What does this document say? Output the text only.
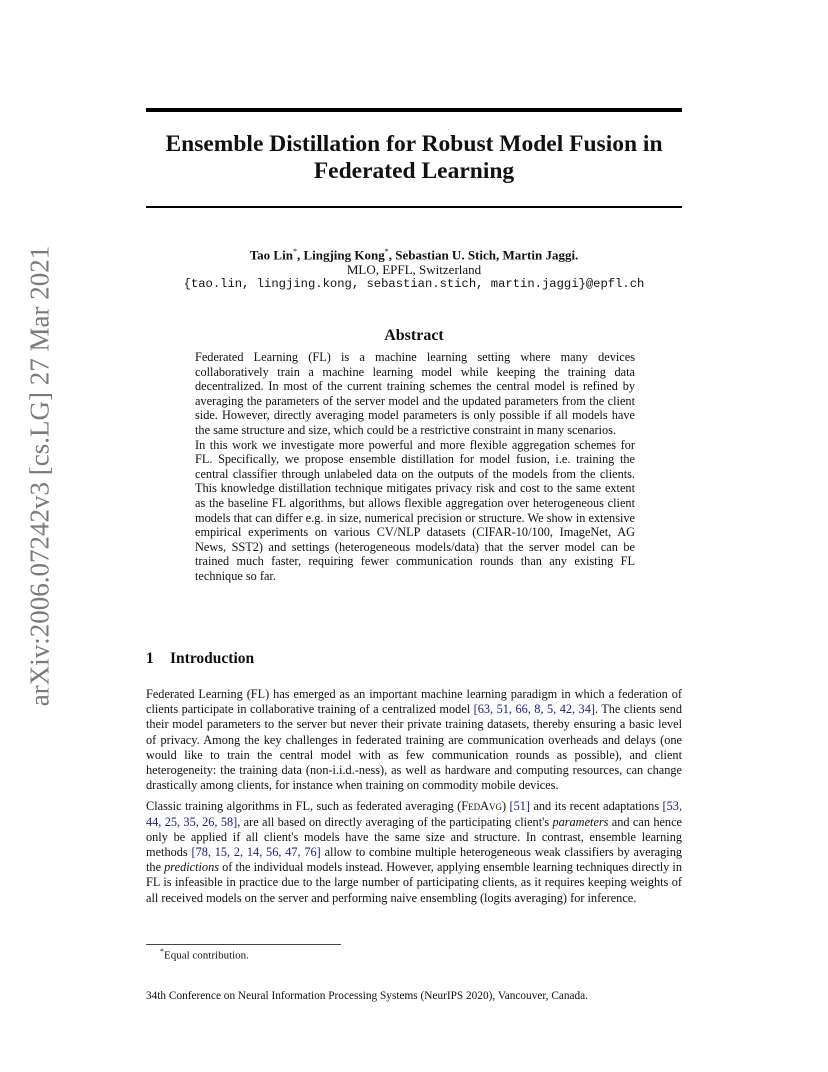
arXiv:2006.07242v3 [cs.LG] 27 Mar 2021
Ensemble Distillation for Robust Model Fusion in
Federated Learning
Tao Lin*, Lingjing Kong*, Sebastian U. Stich, Martin Jaggi.
MLO, EPFL, Switzerland
{tao.lin, lingjing.kong, sebastian.stich, martin.jaggi}@epfl.ch
Abstract

Federated Learning (FL) is a machine learning setting where many devices collaboratively train a machine learning model while keeping the training data decentralized. In most of the current training schemes the central model is refined by averaging the parameters of the server model and the updated parameters from the client side. However, directly averaging model parameters is only possible if all models have the same structure and size, which could be a restrictive constraint in many scenarios.

In this work we investigate more powerful and more flexible aggregation schemes for FL. Specifically, we propose ensemble distillation for model fusion, i.e. training the central classifier through unlabeled data on the outputs of the models from the clients. This knowledge distillation technique mitigates privacy risk and cost to the same extent as the baseline FL algorithms, but allows flexible aggregation over heterogeneous client models that can differ e.g. in size, numerical precision or structure. We show in extensive empirical experiments on various CV/NLP datasets (CIFAR-10/100, ImageNet, AG News, SST2) and settings (heterogeneous models/data) that the server model can be trained much faster, requiring fewer communication rounds than any existing FL technique so far.

1 Introduction

Federated Learning (FL) has emerged as an important machine learning paradigm in which a federation of clients participate in collaborative training of a centralized model [63, 51, 66, 8, 5, 42, 34]. The clients send their model parameters to the server but never their private training datasets, thereby ensuring a basic level of privacy. Among the key challenges in federated training are communication overheads and delays (one would like to train the central model with as few communication rounds as possible), and client heterogeneity: the training data (non-i.i.d.-ness), as well as hardware and computing resources, can change drastically among clients, for instance when training on commodity mobile devices.

Classic training algorithms in FL, such as federated averaging (FedAvg) [51] and its recent adaptations [53, 44, 25, 35, 26, 58], are all based on directly averaging of the participating client's parameters and can hence only be applied if all client's models have the same size and structure. In contrast, ensemble learning methods [78, 15, 2, 14, 56, 47, 76] allow to combine multiple heterogeneous weak classifiers by averaging the predictions of the individual models instead. However, applying ensemble learning techniques directly in FL is infeasible in practice due to the large number of participating clients, as it requires keeping weights of all received models on the server and performing naive ensembling (logits averaging) for inference.

*Equal contribution.
34th Conference on Neural Information Processing Systems (NeurIPS 2020), Vancouver, Canada.
